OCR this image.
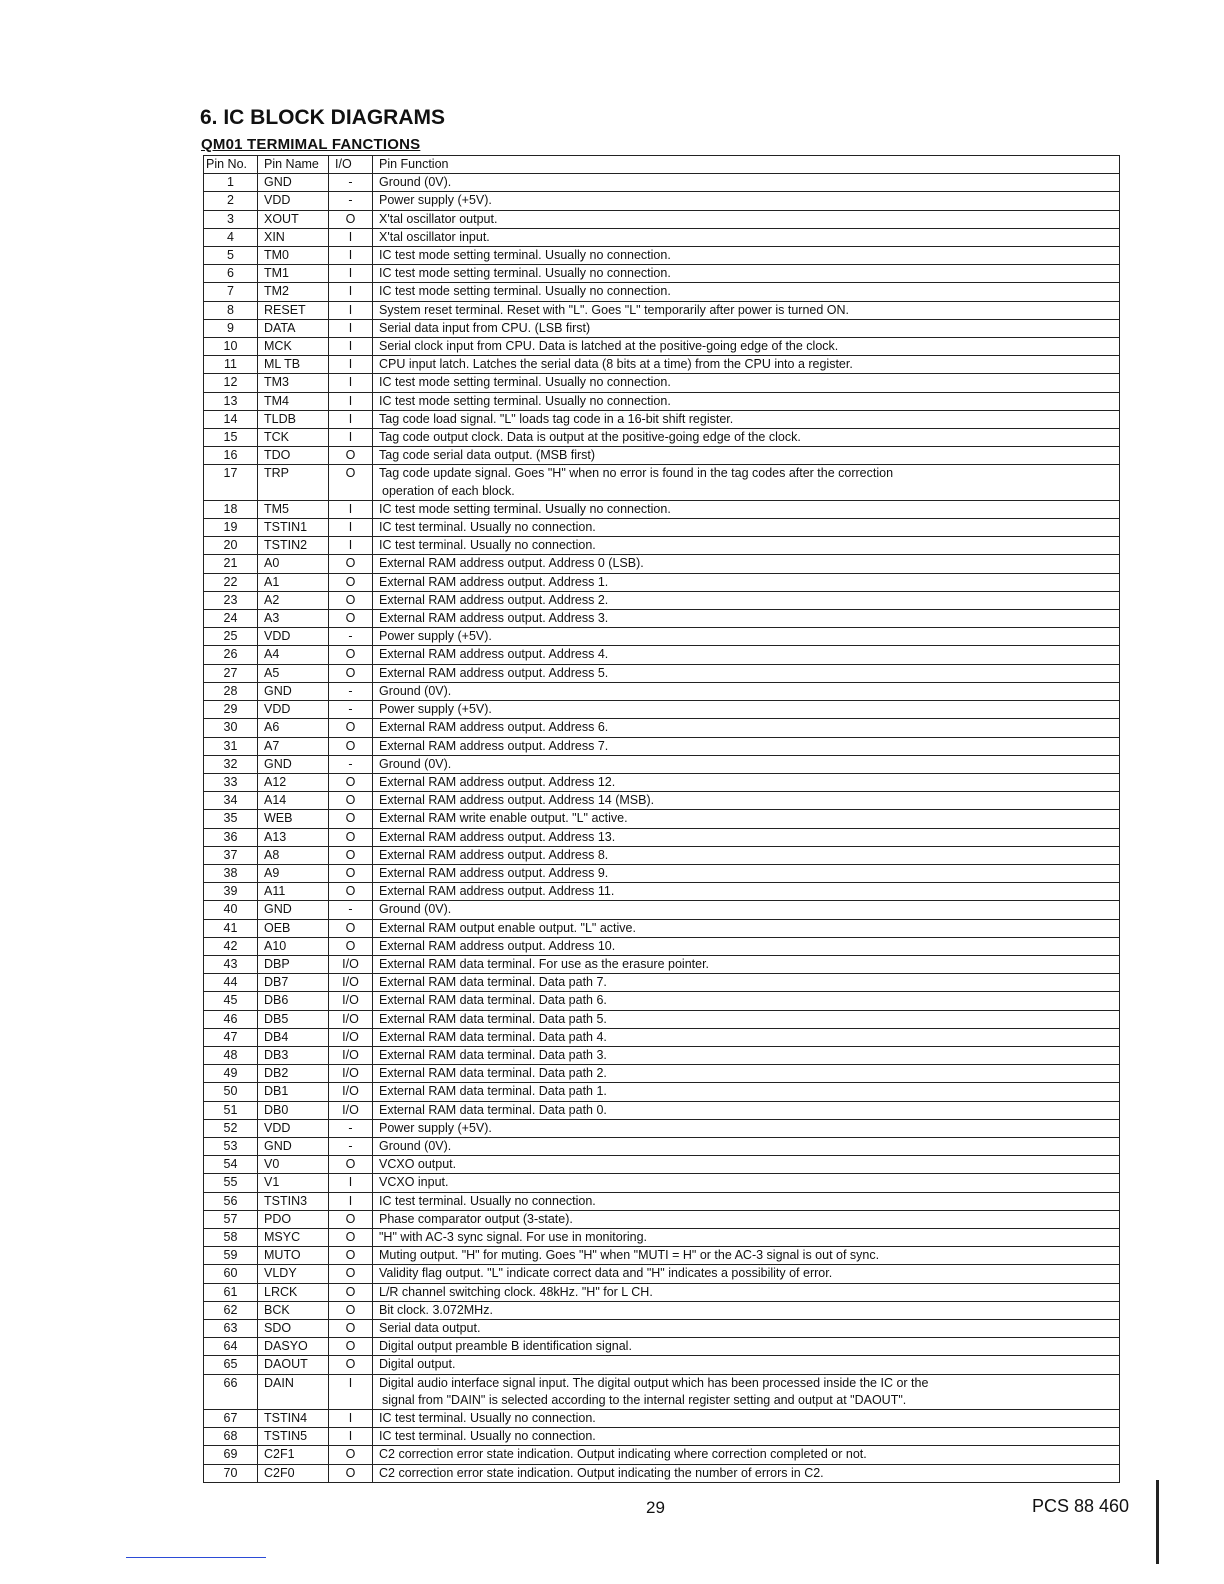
6. IC BLOCK DIAGRAMS
QM01 TERMIMAL FANCTIONS
Pin No.	Pin Name	I/O	Pin Function
1	GND	-	Ground (0V).
2	VDD	-	Power supply (+5V).
3	XOUT	O	X'tal oscillator output.
4	XIN	I	X'tal oscillator input.
5	TM0	I	IC test mode setting terminal. Usually no connection.
6	TM1	I	IC test mode setting terminal. Usually no connection.
7	TM2	I	IC test mode setting terminal. Usually no connection.
8	RESET	I	System reset terminal. Reset with "L". Goes "L" temporarily after power is turned ON.
9	DATA	I	Serial data input from CPU. (LSB first)
10	MCK	I	Serial clock input from CPU. Data is latched at the positive-going edge of the clock.
11	ML TB	I	CPU input latch. Latches the serial data (8 bits at a time) from the CPU into a register.
12	TM3	I	IC test mode setting terminal. Usually no connection.
13	TM4	I	IC test mode setting terminal. Usually no connection.
14	TLDB	I	Tag code load signal. "L" loads tag code in a 16-bit shift register.
15	TCK	I	Tag code output clock. Data is output at the positive-going edge of the clock.
16	TDO	O	Tag code serial data output. (MSB first)
17	TRP	O	Tag code update signal. Goes "H" when no error is found in the tag codes after the correction
operation of each block.

18	TM5	I	IC test mode setting terminal. Usually no connection.
19	TSTIN1	I	IC test terminal. Usually no connection.
20	TSTIN2	I	IC test terminal. Usually no connection.
21	A0	O	External RAM address output. Address 0 (LSB).
22	A1	O	External RAM address output. Address 1.
23	A2	O	External RAM address output. Address 2.
24	A3	O	External RAM address output. Address 3.
25	VDD	-	Power supply (+5V).
26	A4	O	External RAM address output. Address 4.
27	A5	O	External RAM address output. Address 5.
28	GND	-	Ground (0V).
29	VDD	-	Power supply (+5V).
30	A6	O	External RAM address output. Address 6.
31	A7	O	External RAM address output. Address 7.
32	GND	-	Ground (0V).
33	A12	O	External RAM address output. Address 12.
34	A14	O	External RAM address output. Address 14 (MSB).
35	WEB	O	External RAM write enable output. "L" active.
36	A13	O	External RAM address output. Address 13.
37	A8	O	External RAM address output. Address 8.
38	A9	O	External RAM address output. Address 9.
39	A11	O	External RAM address output. Address 11.
40	GND	-	Ground (0V).
41	OEB	O	External RAM output enable output. "L" active.
42	A10	O	External RAM address output. Address 10.
43	DBP	I/O	External RAM data terminal. For use as the erasure pointer.
44	DB7	I/O	External RAM data terminal. Data path 7.
45	DB6	I/O	External RAM data terminal. Data path 6.
46	DB5	I/O	External RAM data terminal. Data path 5.
47	DB4	I/O	External RAM data terminal. Data path 4.
48	DB3	I/O	External RAM data terminal. Data path 3.
49	DB2	I/O	External RAM data terminal. Data path 2.
50	DB1	I/O	External RAM data terminal. Data path 1.
51	DB0	I/O	External RAM data terminal. Data path 0.
52	VDD	-	Power supply (+5V).
53	GND	-	Ground (0V).
54	V0	O	VCXO output.
55	V1	I	VCXO input.
56	TSTIN3	I	IC test terminal. Usually no connection.
57	PDO	O	Phase comparator output (3-state).
58	MSYC	O	"H" with AC-3 sync signal. For use in monitoring.
59	MUTO	O	Muting output. "H" for muting. Goes "H" when "MUTI = H" or the AC-3 signal is out of sync.
60	VLDY	O	Validity flag output. "L" indicate correct data and "H" indicates a possibility of error.
61	LRCK	O	L/R channel switching clock. 48kHz. "H" for L CH.
62	BCK	O	Bit clock. 3.072MHz.
63	SDO	O	Serial data output.
64	DASYO	O	Digital output preamble B identification signal.
65	DAOUT	O	Digital output.
66	DAIN	I	Digital audio interface signal input. The digital output which has been processed inside the IC or the
signal from "DAIN" is selected according to the internal register setting and output at "DAOUT".

67	TSTIN4	I	IC test terminal. Usually no connection.
68	TSTIN5	I	IC test terminal. Usually no connection.
69	C2F1	O	C2 correction error state indication. Output indicating where correction completed or not.
70	C2F0	O	C2 correction error state indication. Output indicating the number of errors in C2.
29	PCS 88 460
